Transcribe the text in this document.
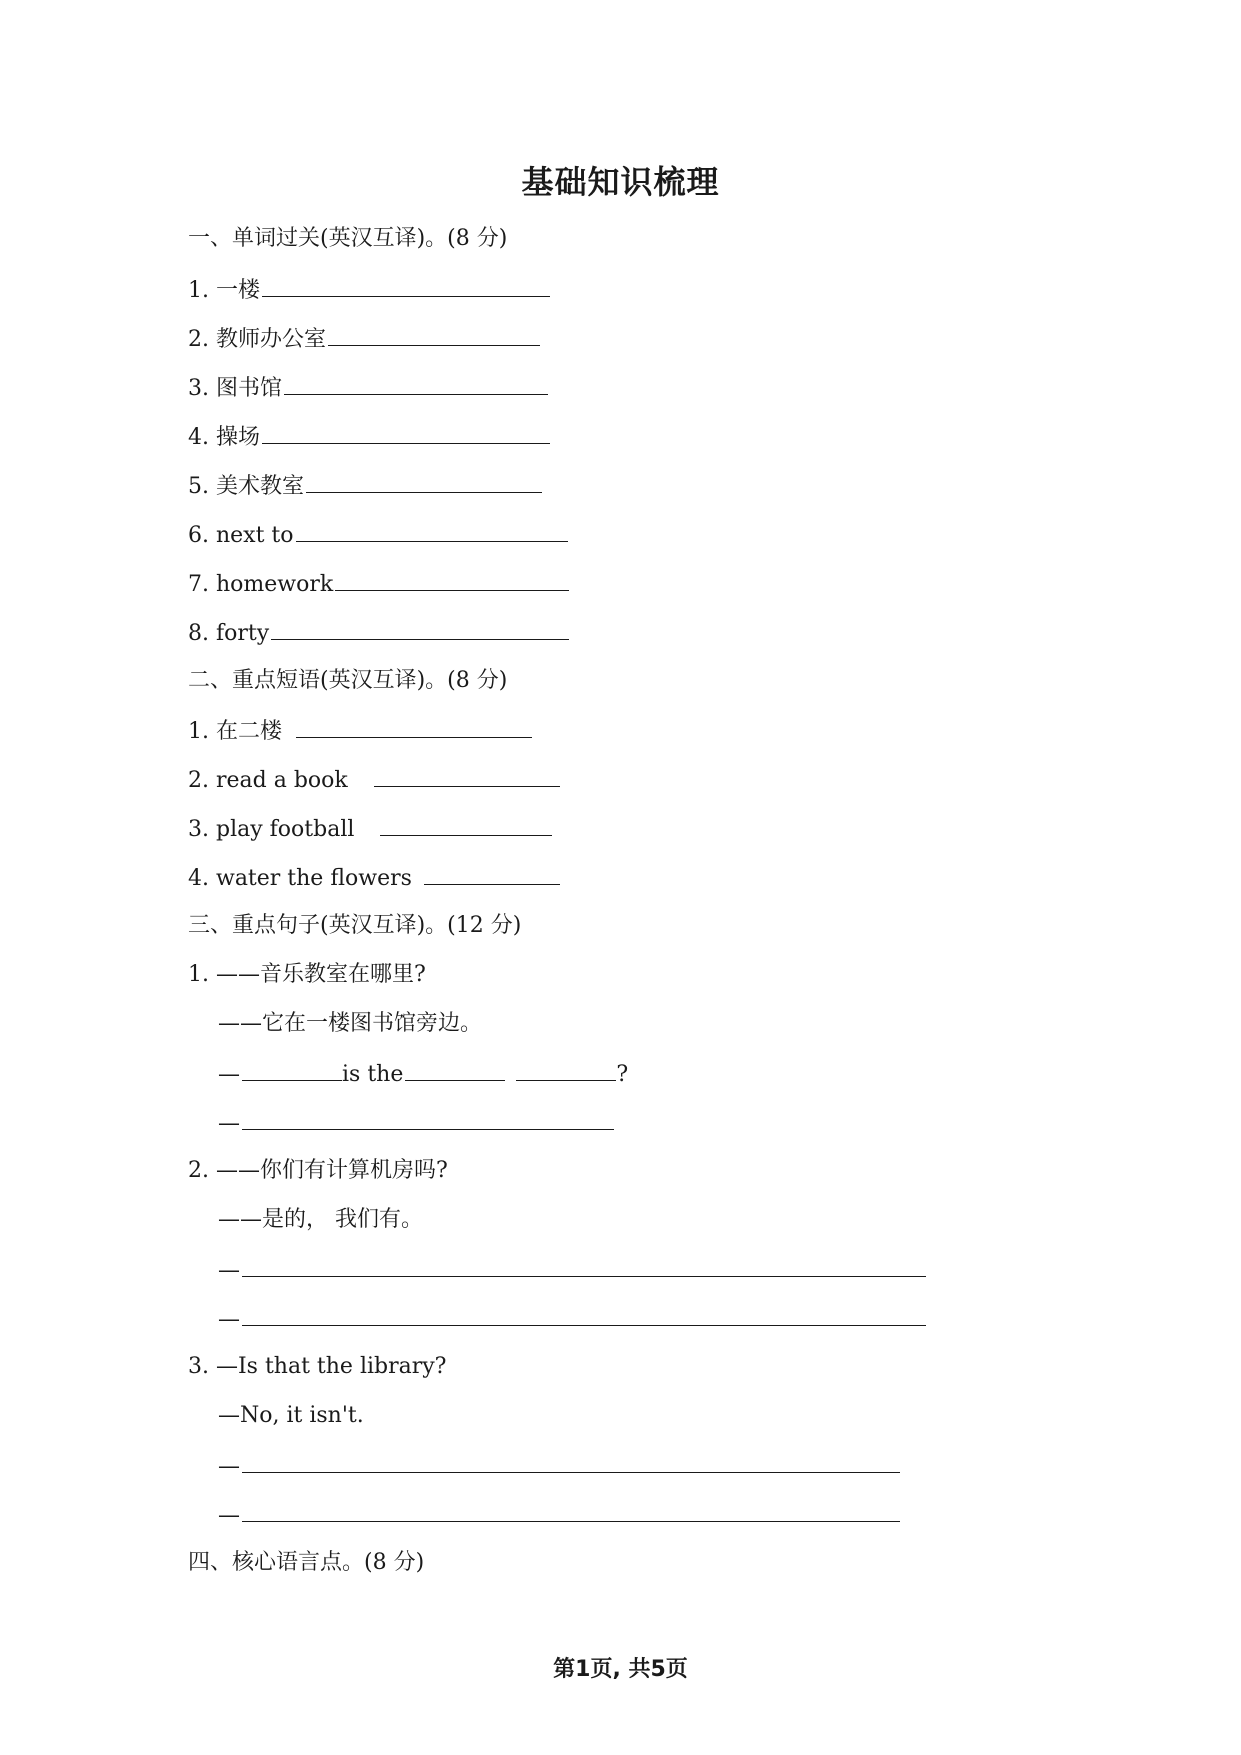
基础知识梳理
一、单词过关(英汉互译)。(8 分)
1. 一楼
2. 教师办公室
3. 图书馆
4. 操场
5. 美术教室
6. next to
7. homework
8. forty
二、重点短语(英汉互译)。(8 分)
1. 在二楼
2. read a book
3. play football
4. water the flowers
三、重点句子(英汉互译)。(12 分)
1. ——音乐教室在哪里?
——它在一楼图书馆旁边。
—	is the	?
—
2. ——你们有计算机房吗?
——是的， 我们有。
—
—
3. —Is that the library?
—No, it isn't.
—
—
四、核心语言点。(8 分)
第1页, 共5页
